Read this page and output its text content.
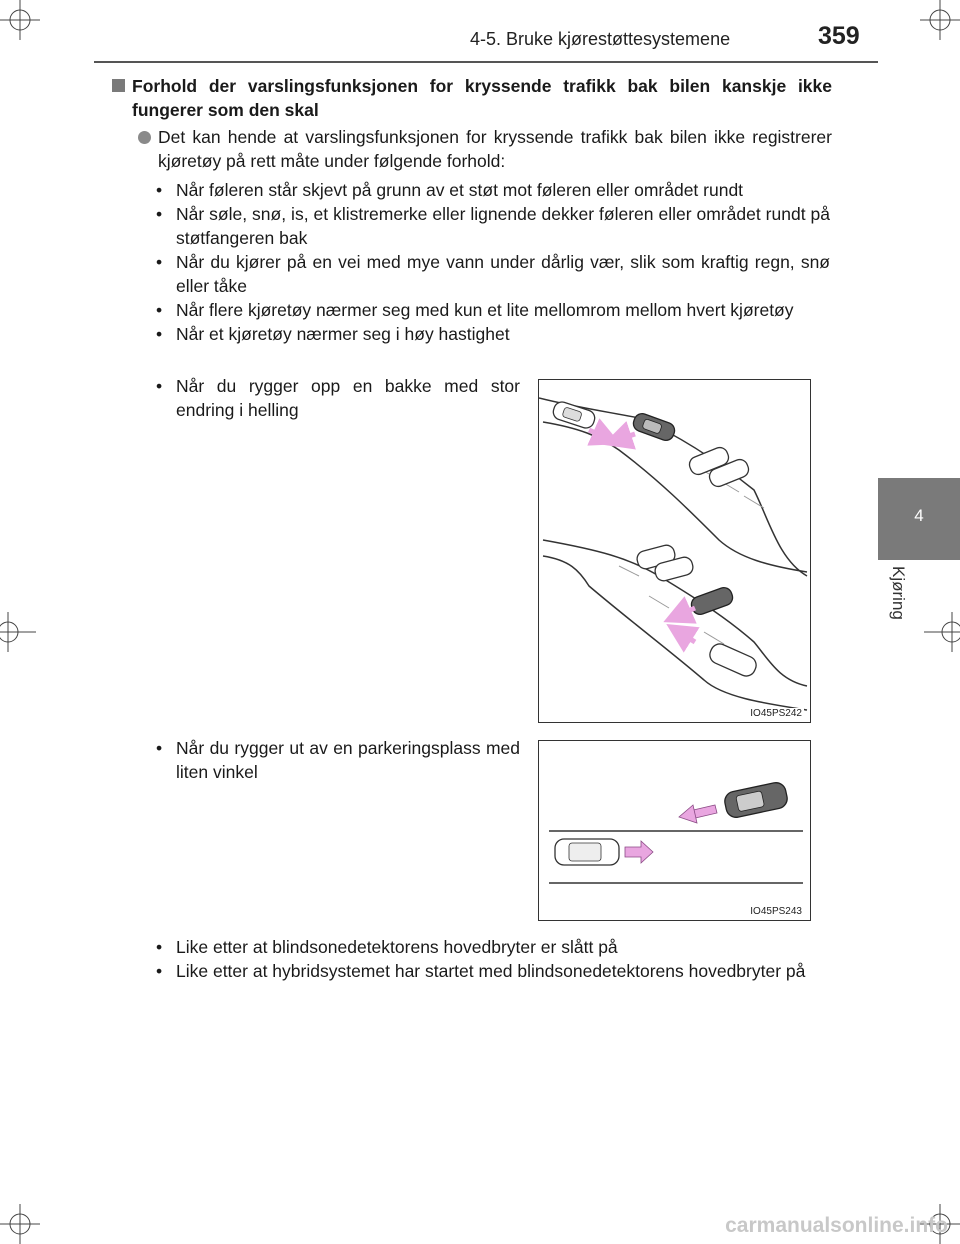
4-5. Bruke kjørestøttesystemene	359
4
Kjøring
Forhold der varslingsfunksjonen for kryssende trafikk bak bilen kanskje ikke fungerer som den skal
Det kan hende at varslingsfunksjonen for kryssende trafikk bak bilen ikke registrerer kjøretøy på rett måte under følgende forhold:
• Når føleren står skjevt på grunn av et støt mot føleren eller området rundt
• Når søle, snø, is, et klistremerke eller lignende dekker føleren eller området rundt på støtfangeren bak
• Når du kjører på en vei med mye vann under dårlig vær, slik som kraftig regn, snø eller tåke
• Når flere kjøretøy nærmer seg med kun et lite mellomrom mellom hvert kjøretøy
• Når et kjøretøy nærmer seg i høy hastighet
• Når du rygger opp en bakke med stor endring i helling
IO45PS242
• Når du rygger ut av en parkeringsplass med liten vinkel
IO45PS243
• Like etter at blindsonedetektorens hovedbryter er slått på
• Like etter at hybridsystemet har startet med blindsonedetektorens hovedbryter på
carmanualsonline.info
